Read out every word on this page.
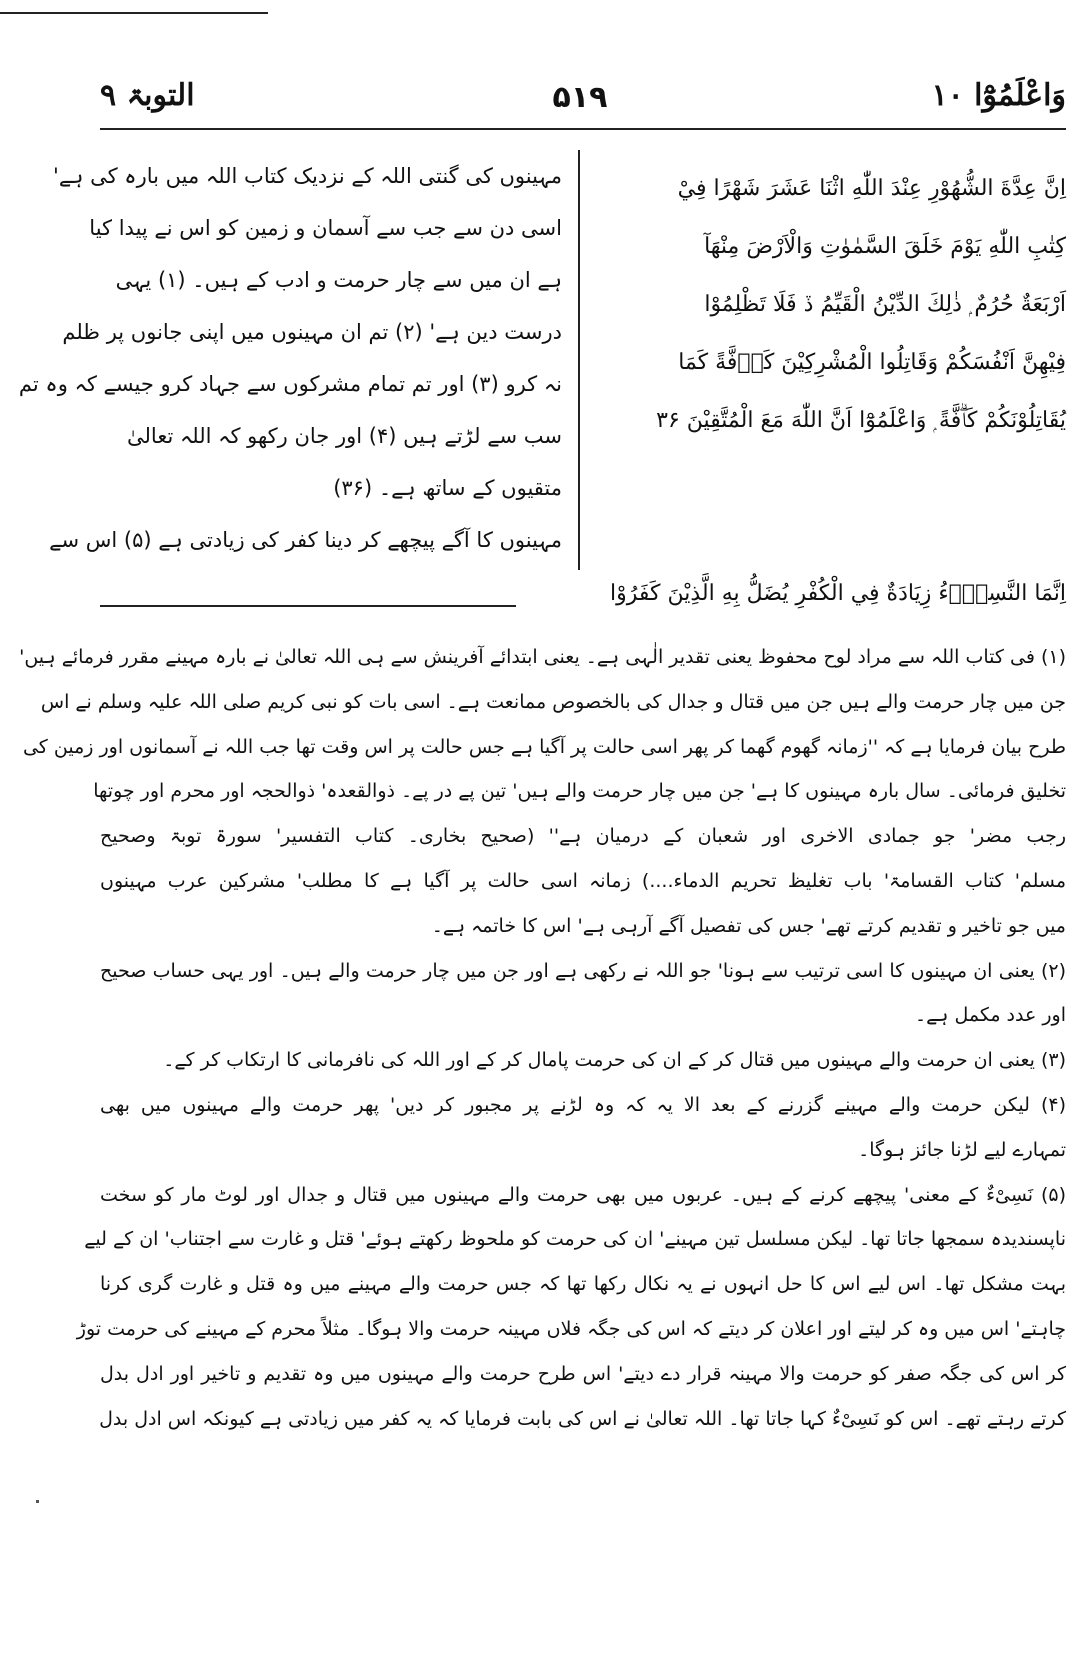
وَاعْلَمُوْٓا ۱۰
۵۱۹
التوبۃ ۹
اِنَّ عِدَّةَ الشُّهُوْرِ عِنْدَ اللّٰهِ اثْنَا عَشَرَ شَهْرًا فِيْ
كِتٰبِ اللّٰهِ يَوْمَ خَلَقَ السَّمٰوٰتِ وَالْاَرْضَ مِنْهَآ
اَرْبَعَةٌ حُرُمٌ ۭ ذٰلِكَ الدِّيْنُ الْقَيِّمُ ڏ فَلَا تَظْلِمُوْا
فِيْهِنَّ اَنْفُسَكُمْ وَقَاتِلُوا الْمُشْرِكِيْنَ كَاۗفَّةً كَمَا
يُقَاتِلُوْنَكُمْ كَاۗفَّةً ۭ وَاعْلَمُوْٓا اَنَّ اللّٰهَ مَعَ الْمُتَّقِيْنَ ۳۶
اِنَّمَا النَّسِيْۗءُ زِيَادَةٌ فِي الْكُفْرِ يُضَلُّ بِهِ الَّذِيْنَ كَفَرُوْا
مہینوں کی گنتی اللہ کے نزدیک کتاب اللہ میں بارہ کی ہے'
اسی دن سے جب سے آسمان و زمین کو اس نے پیدا کیا
ہے ان میں سے چار حرمت و ادب کے ہیں۔ (۱) یہی
درست دین ہے' (۲) تم ان مہینوں میں اپنی جانوں پر ظلم
نہ کرو (۳) اور تم تمام مشرکوں سے جہاد کرو جیسے کہ وہ تم
سب سے لڑتے ہیں (۴) اور جان رکھو کہ اللہ تعالیٰ
متقیوں کے ساتھ ہے۔ (۳۶)
مہینوں کا آگے پیچھے کر دینا کفر کی زیادتی ہے (۵) اس سے
(۱) فی کتاب اللہ سے مراد لوح محفوظ یعنی تقدیر الٰہی ہے۔ یعنی ابتدائے آفرینش سے ہی اللہ تعالیٰ نے بارہ مہینے مقرر فرمائے ہیں'
جن میں چار حرمت والے ہیں جن میں قتال و جدال کی بالخصوص ممانعت ہے۔ اسی بات کو نبی کریم صلی اللہ علیہ وسلم نے اس
طرح بیان فرمایا ہے کہ ''زمانہ گھوم گھما کر پھر اسی حالت پر آگیا ہے جس حالت پر اس وقت تھا جب اللہ نے آسمانوں اور زمین کی
تخلیق فرمائی۔ سال بارہ مہینوں کا ہے' جن میں چار حرمت والے ہیں' تین پے در پے۔ ذوالقعدہ' ذوالحجہ اور محرم اور چوتھا
رجب مضر' جو جمادی الاخری اور شعبان کے درمیان ہے'' (صحیح بخاری۔ کتاب التفسیر' سورۃ توبۃ وصحیح
مسلم' کتاب القسامۃ' باب تغلیظ تحریم الدماء....) زمانہ اسی حالت پر آگیا ہے کا مطلب' مشرکین عرب مہینوں
میں جو تاخیر و تقدیم کرتے تھے' جس کی تفصیل آگے آرہی ہے' اس کا خاتمہ ہے۔
(۲) یعنی ان مہینوں کا اسی ترتیب سے ہونا' جو اللہ نے رکھی ہے اور جن میں چار حرمت والے ہیں۔ اور یہی حساب صحیح
اور عدد مکمل ہے۔
(۳) یعنی ان حرمت والے مہینوں میں قتال کر کے ان کی حرمت پامال کر کے اور اللہ کی نافرمانی کا ارتکاب کر کے۔
(۴) لیکن حرمت والے مہینے گزرنے کے بعد الا یہ کہ وہ لڑنے پر مجبور کر دیں' پھر حرمت والے مہینوں میں بھی
تمہارے لیے لڑنا جائز ہوگا۔
(۵) نَسِیْءٌ کے معنی' پیچھے کرنے کے ہیں۔ عربوں میں بھی حرمت والے مہینوں میں قتال و جدال اور لوٹ مار کو سخت
ناپسندیدہ سمجھا جاتا تھا۔ لیکن مسلسل تین مہینے' ان کی حرمت کو ملحوظ رکھتے ہوئے' قتل و غارت سے اجتناب' ان کے لیے
بہت مشکل تھا۔ اس لیے اس کا حل انہوں نے یہ نکال رکھا تھا کہ جس حرمت والے مہینے میں وہ قتل و غارت گری کرنا
چاہتے' اس میں وہ کر لیتے اور اعلان کر دیتے کہ اس کی جگہ فلاں مہینہ حرمت والا ہوگا۔ مثلاً محرم کے مہینے کی حرمت توڑ
کر اس کی جگہ صفر کو حرمت والا مہینہ قرار دے دیتے' اس طرح حرمت والے مہینوں میں وہ تقدیم و تاخیر اور ادل بدل
کرتے رہتے تھے۔ اس کو نَسِیْءٌ کہا جاتا تھا۔ اللہ تعالیٰ نے اس کی بابت فرمایا کہ یہ کفر میں زیادتی ہے کیونکہ اس ادل بدل
